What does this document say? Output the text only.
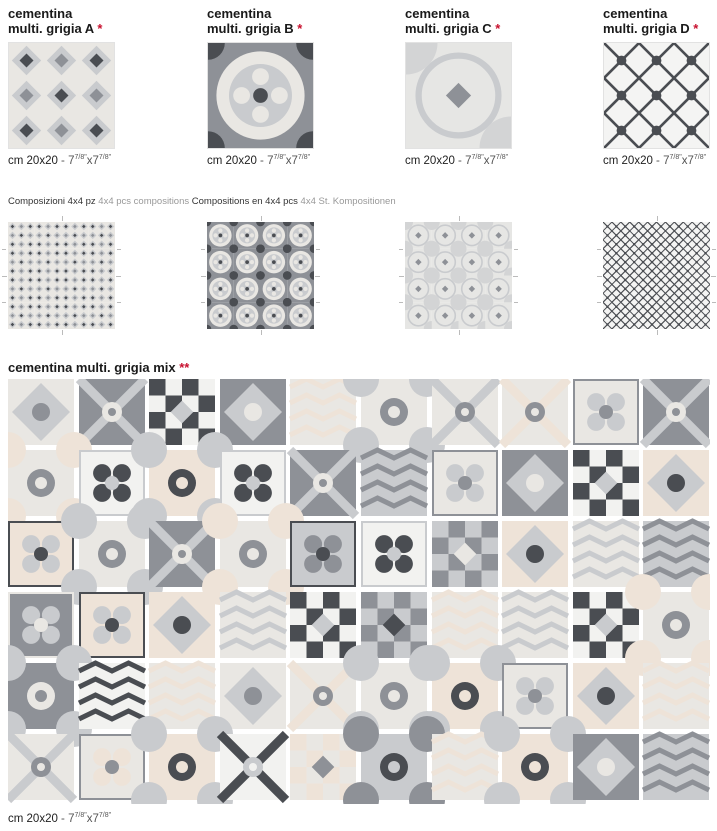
cementina
multi. grigia A *
cementina
multi. grigia B *
cementina
multi. grigia C *
cementina
multi. grigia D *
cm $20x20 - 7^{7/8"}x7^{7/8"}$	cm $20x20 - 7^{7/8"}x7^{7/8"}$	cm $20x20 - 7^{7/8"}x7^{7/8"}$	cm $20x20 - 7^{7/8"}x7^{7/8"}$
Composizioni 4x4 pz 4x4 pcs compositions Compositions en 4x4 pcs 4x4 St. Kompositionen
cementina multi. grigia mix **
cm $20x20 - 7^{7/8"}x7^{7/8"}$
